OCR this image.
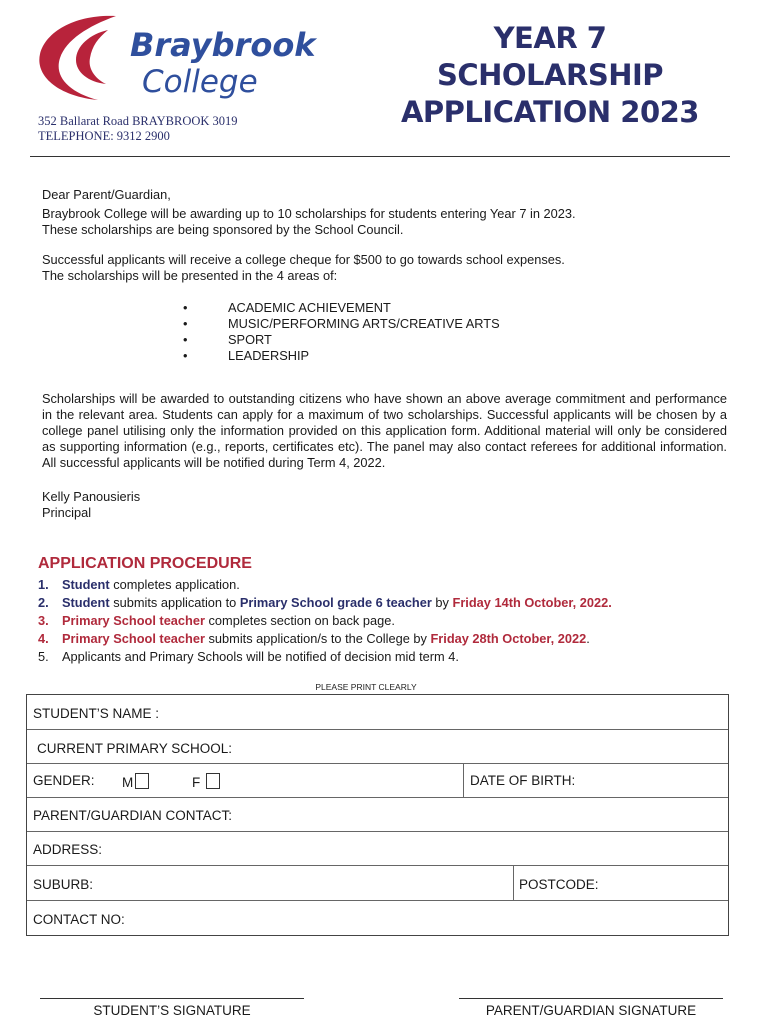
Braybrook
College
352 Ballarat Road BRAYBROOK 3019
TELEPHONE: 9312 2900
YEAR 7
SCHOLARSHIP
APPLICATION 2023

Dear Parent/Guardian,

Braybrook College will be awarding up to 10 scholarships for students entering Year 7 in 2023.

These scholarships are being sponsored by the School Council.

Successful applicants will receive a college cheque for $500 to go towards school expenses.

The scholarships will be presented in the 4 areas of:

•	ACADEMIC ACHIEVEMENT
•	MUSIC/PERFORMING ARTS/CREATIVE ARTS
•	SPORT
•	LEADERSHIP

Scholarships will be awarded to outstanding citizens who have shown an above average commitment and performance in the relevant area. Students can apply for a maximum of two scholarships. Successful applicants will be chosen by a college panel utilising only the information provided on this application form. Additional material will only be considered as supporting information (e.g., reports, certificates etc). The panel may also contact referees for additional information. All successful applicants will be notified during Term 4, 2022.

Kelly Panousieris

Principal

APPLICATION PROCEDURE
1. Student completes application.
2. Student submits application to Primary School grade 6 teacher by Friday 14th October, 2022.
3. Primary School teacher completes section on back page.
4. Primary School teacher submits application/s to the College by Friday 28th October, 2022.
5. Applicants and Primary Schools will be notified of decision mid term 4.
PLEASE PRINT CLEARLY
STUDENT’S NAME :
CURRENT PRIMARY SCHOOL:
GENDER: M	F	DATE OF BIRTH:
PARENT/GUARDIAN CONTACT:
ADDRESS:
SUBURB:	POSTCODE:
CONTACT NO:
STUDENT’S SIGNATURE	PARENT/GUARDIAN SIGNATURE
